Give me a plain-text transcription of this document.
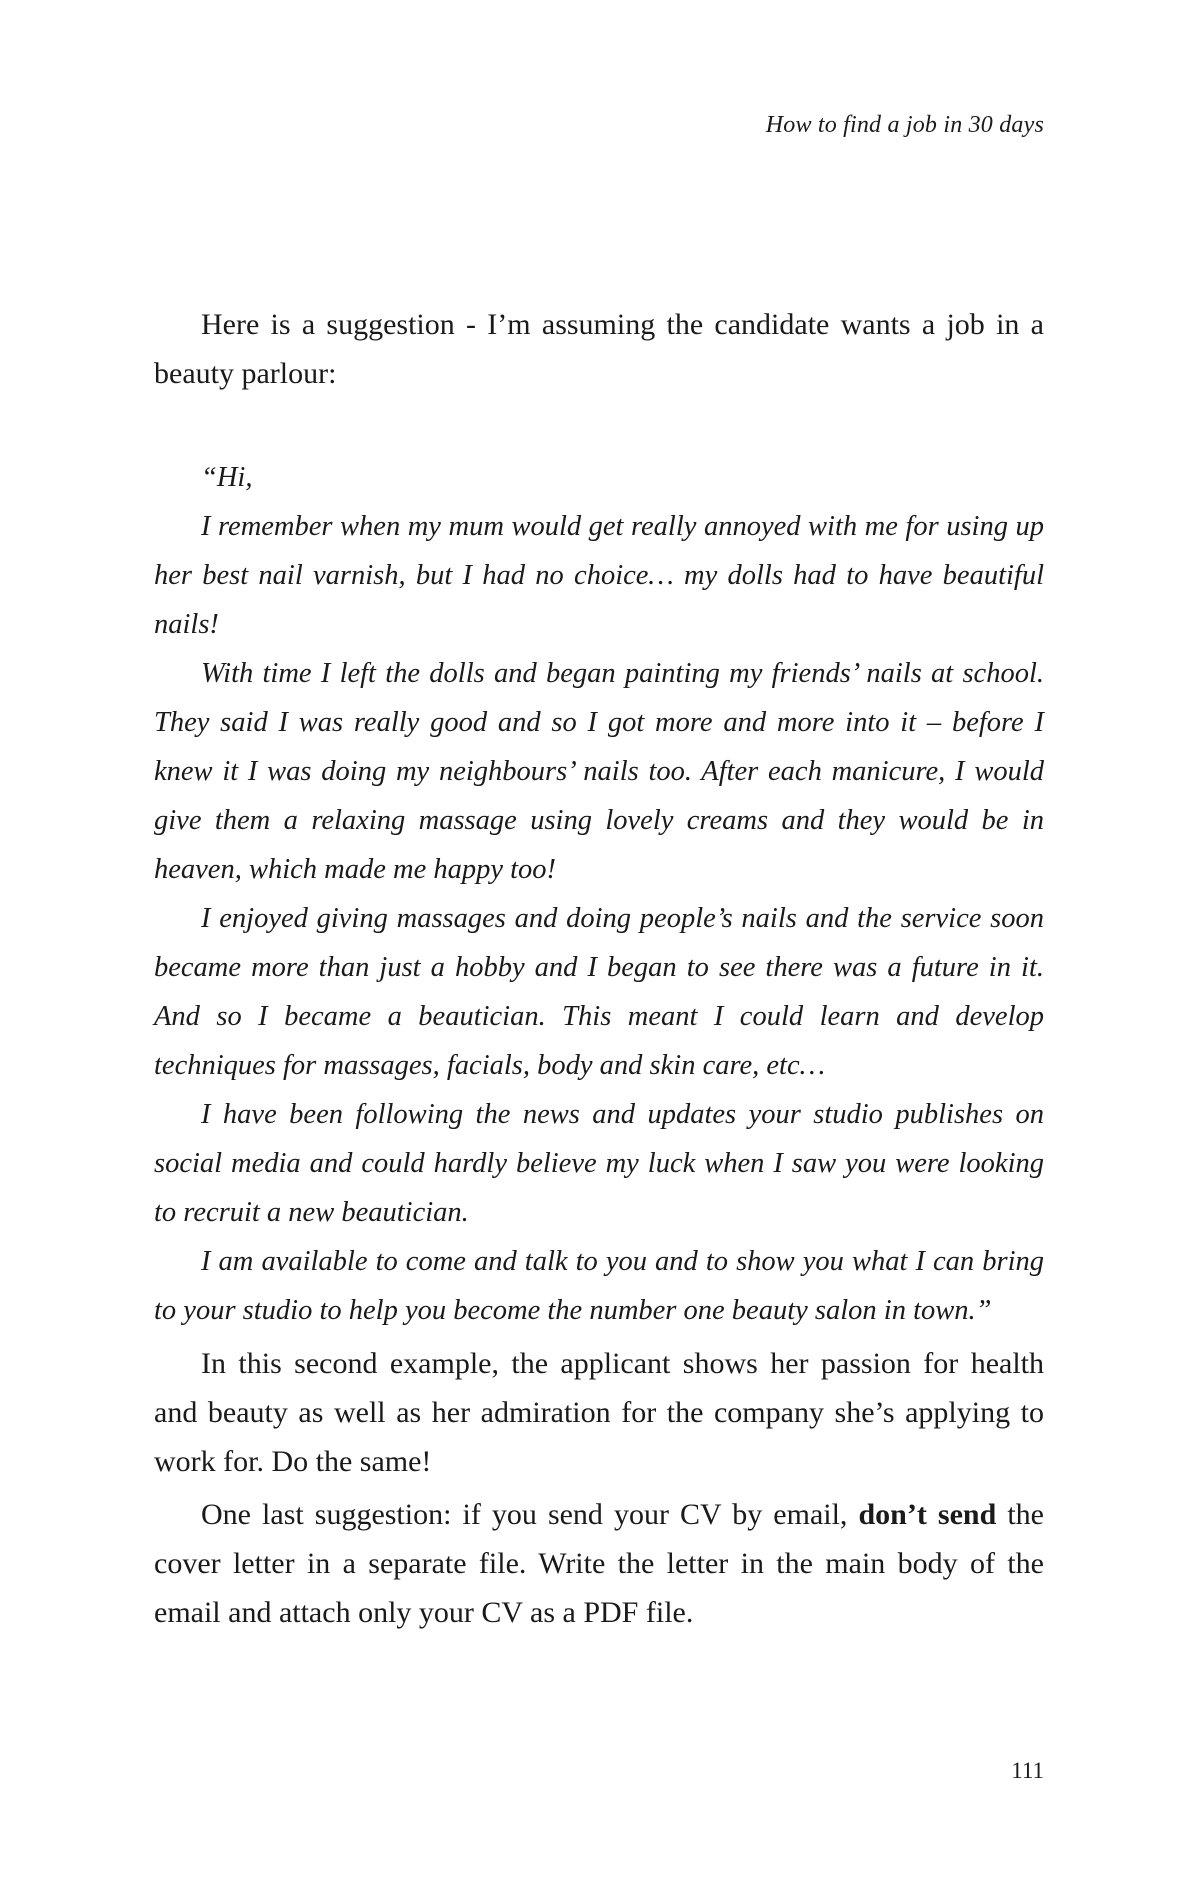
How to find a job in 30 days

Here is a suggestion - I’m assuming the candidate wants a job in a beauty parlour:

“Hi,

I remember when my mum would get really annoyed with me for using up her best nail varnish, but I had no choice… my dolls had to have beautiful nails!

With time I left the dolls and began painting my friends’ nails at school. They said I was really good and so I got more and more into it – before I knew it I was doing my neighbours’ nails too. After each manicure, I would give them a relaxing massage using lovely creams and they would be in heaven, which made me happy too!

I enjoyed giving massages and doing people’s nails and the service soon became more than just a hobby and I began to see there was a future in it. And so I became a beautician. This meant I could learn and develop techniques for massages, facials, body and skin care, etc…

I have been following the news and updates your studio publishes on social media and could hardly believe my luck when I saw you were looking to recruit a new beautician.

I am available to come and talk to you and to show you what I can bring to your studio to help you become the number one beauty salon in town.”

In this second example, the applicant shows her passion for health and beauty as well as her admiration for the company she’s applying to work for. Do the same!

One last suggestion: if you send your CV by email, don’t send the cover letter in a separate file. Write the letter in the main body of the email and attach only your CV as a PDF file.

111
